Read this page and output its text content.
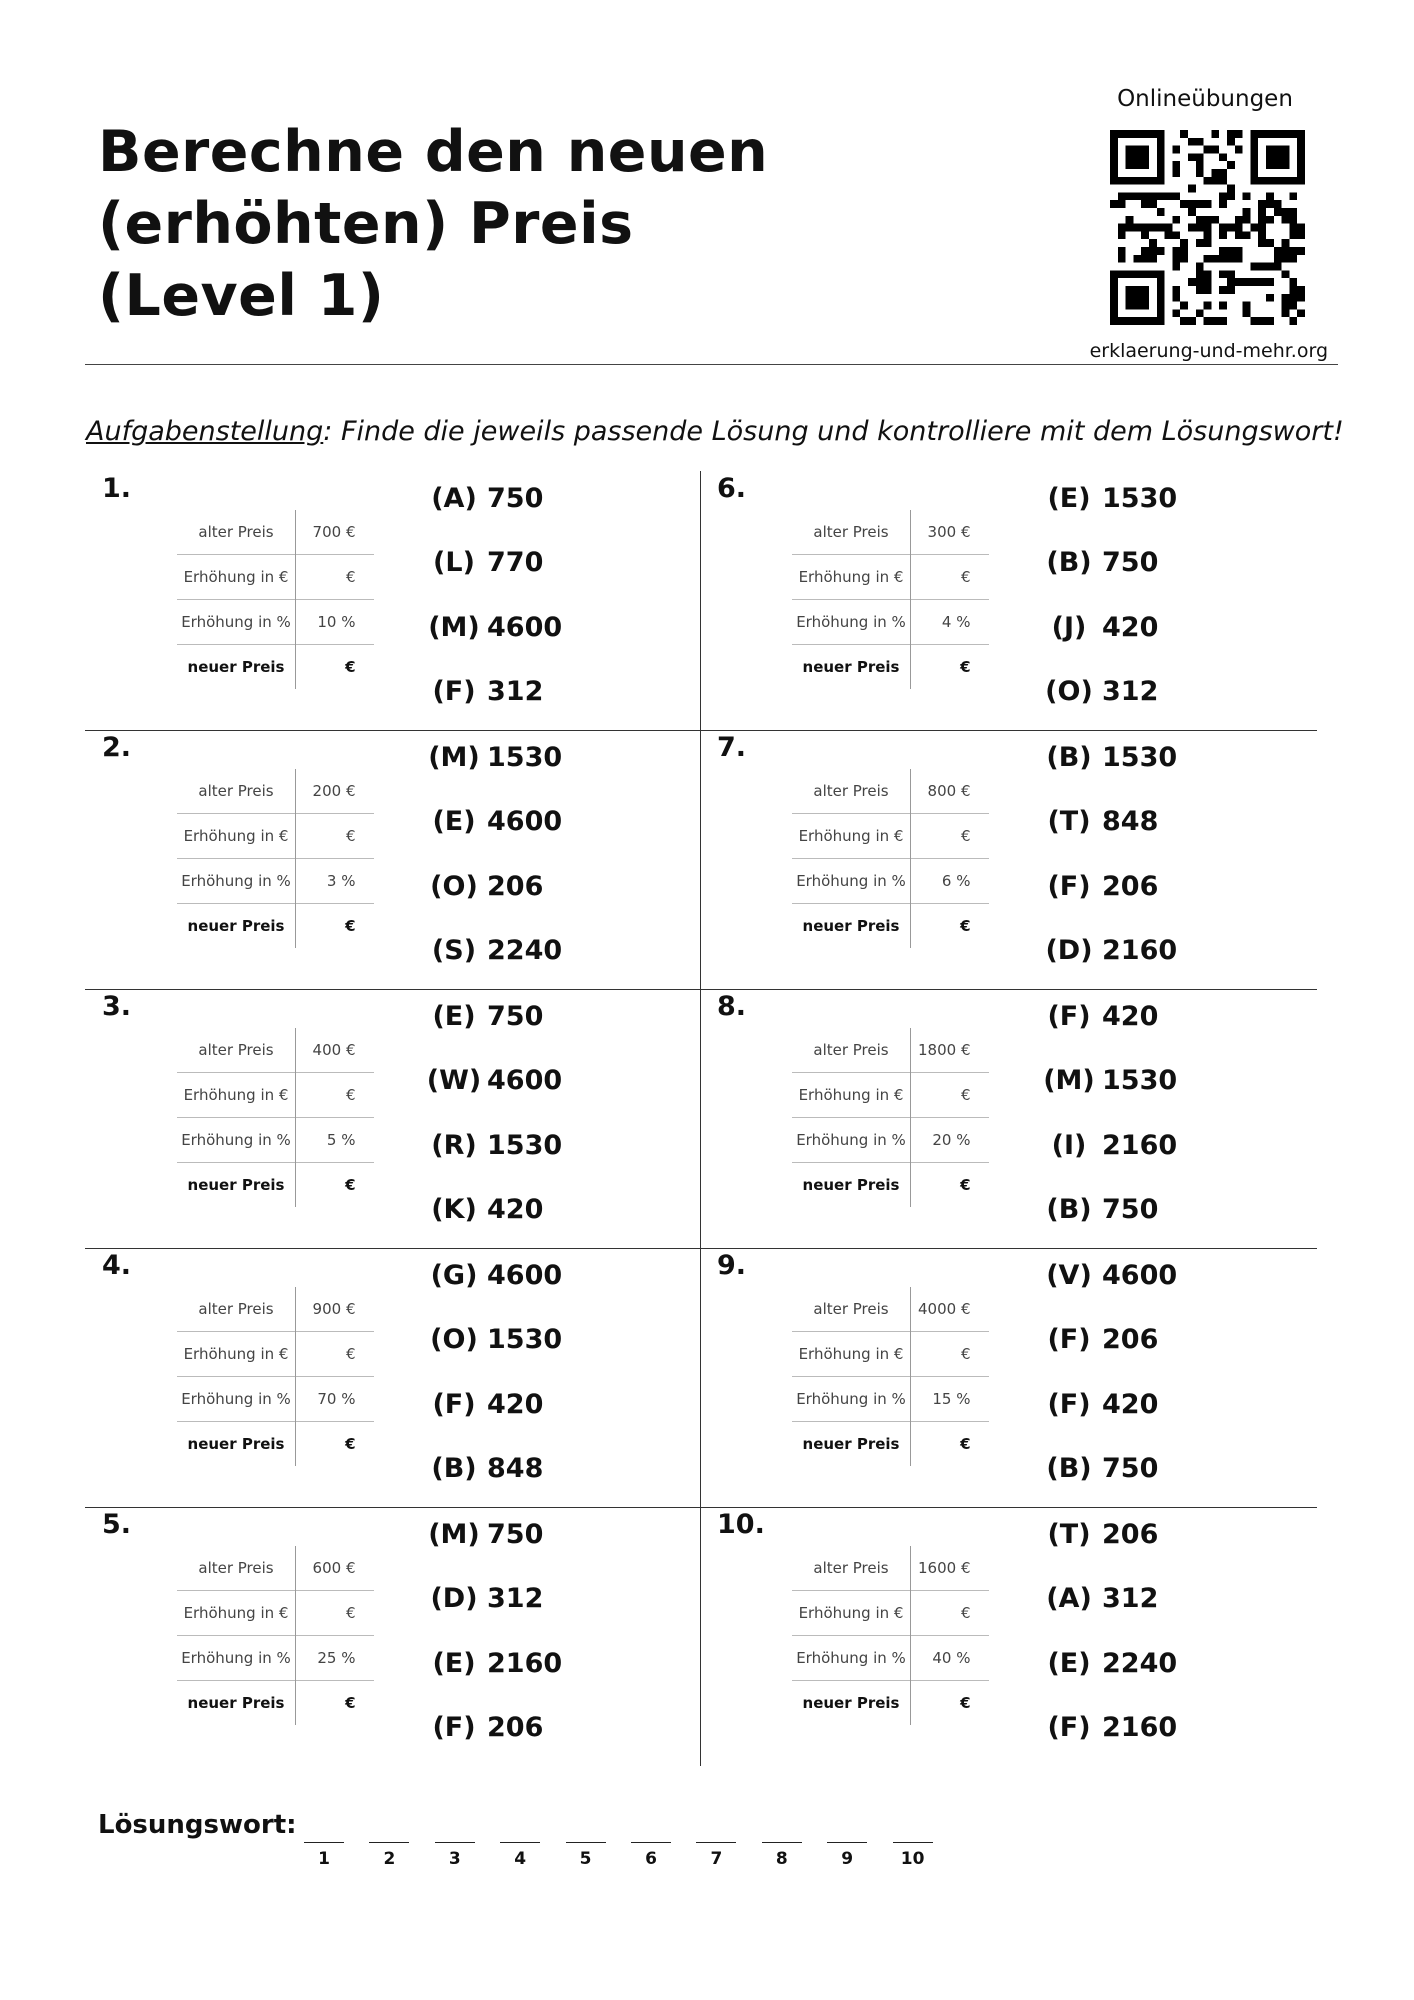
Berechne den neuen
(erhöhten) Preis
(Level 1)
Onlineübungen
erklaerung-und-mehr.org
Aufgabenstellung: Finde die jeweils passende Lösung und kontrolliere mit dem Lösungswort!
1.
alter Preis	700 €
Erhöhung in €	€
Erhöhung in %	10 %
neuer Preis	€
(A) 750
(L) 770
(M) 4600
(F) 312
2.
alter Preis	200 €
Erhöhung in €	€
Erhöhung in %	3 %
neuer Preis	€
(M) 1530
(E) 4600
(O) 206
(S) 2240
3.
alter Preis	400 €
Erhöhung in €	€
Erhöhung in %	5 %
neuer Preis	€
(E) 750
(W) 4600
(R) 1530
(K) 420
4.
alter Preis	900 €
Erhöhung in €	€
Erhöhung in %	70 %
neuer Preis	€
(G) 4600
(O) 1530
(F) 420
(B) 848
5.
alter Preis	600 €
Erhöhung in €	€
Erhöhung in %	25 %
neuer Preis	€
(M) 750
(D) 312
(E) 2160
(F) 206
6.
alter Preis	300 €
Erhöhung in €	€
Erhöhung in %	4 %
neuer Preis	€
(E) 1530
(B) 750
(J) 420
(O) 312
7.
alter Preis	800 €
Erhöhung in €	€
Erhöhung in %	6 %
neuer Preis	€
(B) 1530
(T) 848
(F) 206
(D) 2160
8.
alter Preis	1800 €
Erhöhung in €	€
Erhöhung in %	20 %
neuer Preis	€
(F) 420
(M) 1530
(I) 2160
(B) 750
9.
alter Preis	4000 €
Erhöhung in €	€
Erhöhung in %	15 %
neuer Preis	€
(V) 4600
(F) 206
(F) 420
(B) 750
10.
alter Preis	1600 €
Erhöhung in €	€
Erhöhung in %	40 %
neuer Preis	€
(T) 206
(A) 312
(E) 2240
(F) 2160
Lösungswort:
1	2	3	4	5	6	7	8	9	10
